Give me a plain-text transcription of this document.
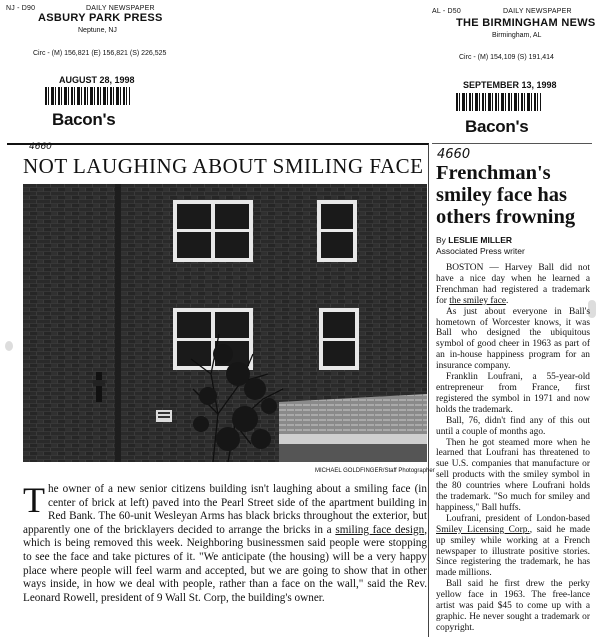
NJ - D90	DAILY NEWSPAPER
ASBURY PARK PRESS
Neptune, NJ
Circ - (M) 156,821 (E) 156,821 (S) 226,525
AUGUST 28, 1998
Bacon's
AL - D50	DAILY NEWSPAPER
THE BIRMINGHAM NEWS
Birmingham, AL
Circ - (M) 154,109 (S) 191,414
SEPTEMBER 13, 1998
Bacon's
4660
NOT LAUGHING ABOUT SMILING FACE
MICHAEL GOLDFINGER/Staff Photographer
The owner of a new senior citizens building isn't laughing about a smiling face (in center of brick at left) paved into the Pearl Street side of the apartment building in Red Bank. The 60-unit Wesleyan Arms has black bricks throughout the exterior, but apparently one of the bricklayers decided to arrange the bricks in a smiling face design, which is being removed this week. Neighboring businessmen said people were stopping to see the face and take pictures of it. "We anticipate (the housing) will be a very happy place where people will feel warm and accepted, but we are going to show that in other ways inside, in how we deal with people, rather than a face on the wall," said the Rev. Leonard Rowell, president of 9 Wall St. Corp, the building's owner.
4660
Frenchman's smiley face has others frowning
By LESLIE MILLER
Associated Press writer

BOSTON — Harvey Ball did not have a nice day when he learned a Frenchman had registered a trademark for the smiley face.

As just about everyone in Ball's hometown of Worcester knows, it was Ball who designed the ubiquitous symbol of good cheer in 1963 as part of an in-house happiness program for an insurance company.

Franklin Loufrani, a 55-year-old entrepreneur from France, first registered the symbol in 1971 and now holds the trademark.

Ball, 76, didn't find any of this out until a couple of months ago.

Then he got steamed more when he learned that Loufrani has threatened to sue U.S. companies that manufacture or sell products with the smiley symbol in the 80 countries where Loufrani holds the trademark. "So much for smiley and happiness," Ball huffs.

Loufrani, president of London-based Smiley Licensing Corp., said he made up smiley while working at a French newspaper to illustrate positive stories. Since registering the trademark, he has made millions.

Ball said he first drew the perky yellow face in 1963. The free-lance artist was paid $45 to come up with a graphic. He never sought a trademark or copyright.
